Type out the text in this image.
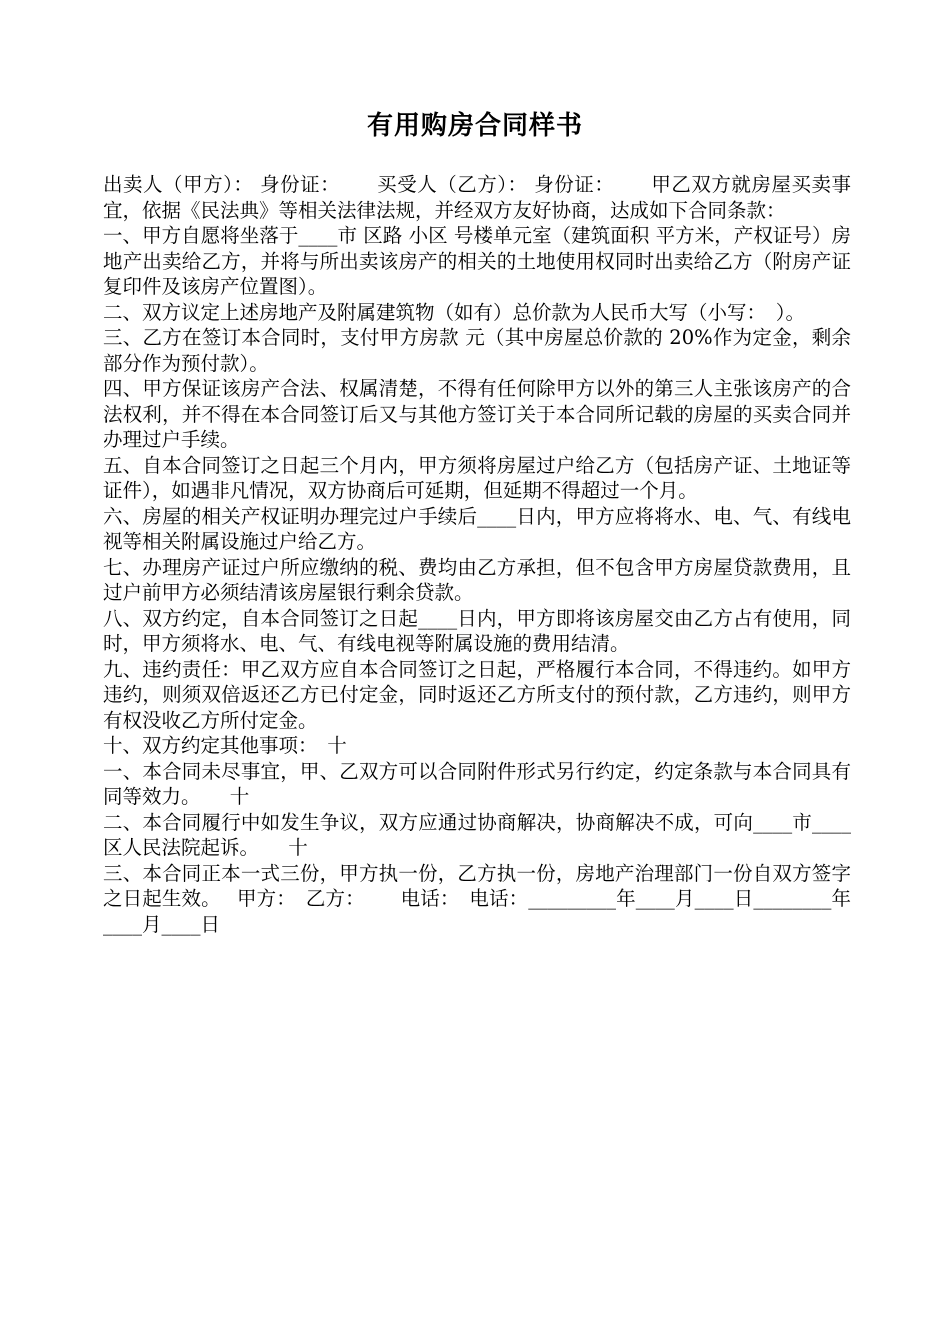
有用购房合同样书

出卖人（甲方）： 身份证：　　 买受人（乙方）： 身份证：　　 甲乙双方就房屋买卖事宜，依据《民法典》等相关法律法规，并经双方友好协商，达成如下合同条款：

一、甲方自愿将坐落于____市 区路 小区 号楼单元室（建筑面积 平方米，产权证号）房地产出卖给乙方，并将与所出卖该房产的相关的土地使用权同时出卖给乙方（附房产证复印件及该房产位置图）。

二、双方议定上述房地产及附属建筑物（如有）总价款为人民币大写（小写：　）。

三、乙方在签订本合同时，支付甲方房款 元（其中房屋总价款的 20%作为定金，剩余部分作为预付款）。

四、甲方保证该房产合法、权属清楚，不得有任何除甲方以外的第三人主张该房产的合法权利，并不得在本合同签订后又与其他方签订关于本合同所记载的房屋的买卖合同并办理过户手续。

五、自本合同签订之日起三个月内，甲方须将房屋过户给乙方（包括房产证、土地证等证件），如遇非凡情况，双方协商后可延期，但延期不得超过一个月。

六、房屋的相关产权证明办理完过户手续后____日内，甲方应将将水、电、气、有线电视等相关附属设施过户给乙方。

七、办理房产证过户所应缴纳的税、费均由乙方承担，但不包含甲方房屋贷款费用，且过户前甲方必须结清该房屋银行剩余贷款。

八、双方约定，自本合同签订之日起____日内，甲方即将该房屋交由乙方占有使用，同时，甲方须将水、电、气、有线电视等附属设施的费用结清。

九、违约责任：甲乙双方应自本合同签订之日起，严格履行本合同，不得违约。如甲方违约，则须双倍返还乙方已付定金，同时返还乙方所支付的预付款，乙方违约，则甲方有权没收乙方所付定金。

十、双方约定其他事项：　十

一、本合同未尽事宜，甲、乙双方可以合同附件形式另行约定，约定条款与本合同具有同等效力。　　十

二、本合同履行中如发生争议，双方应通过协商解决，协商解决不成，可向____市____区人民法院起诉。　　十

三、本合同正本一式三份，甲方执一份，乙方执一份，房地产治理部门一份自双方签字之日起生效。　 甲方：　乙方：　　 电话：　电话：_________年____月____日________年____月____日
